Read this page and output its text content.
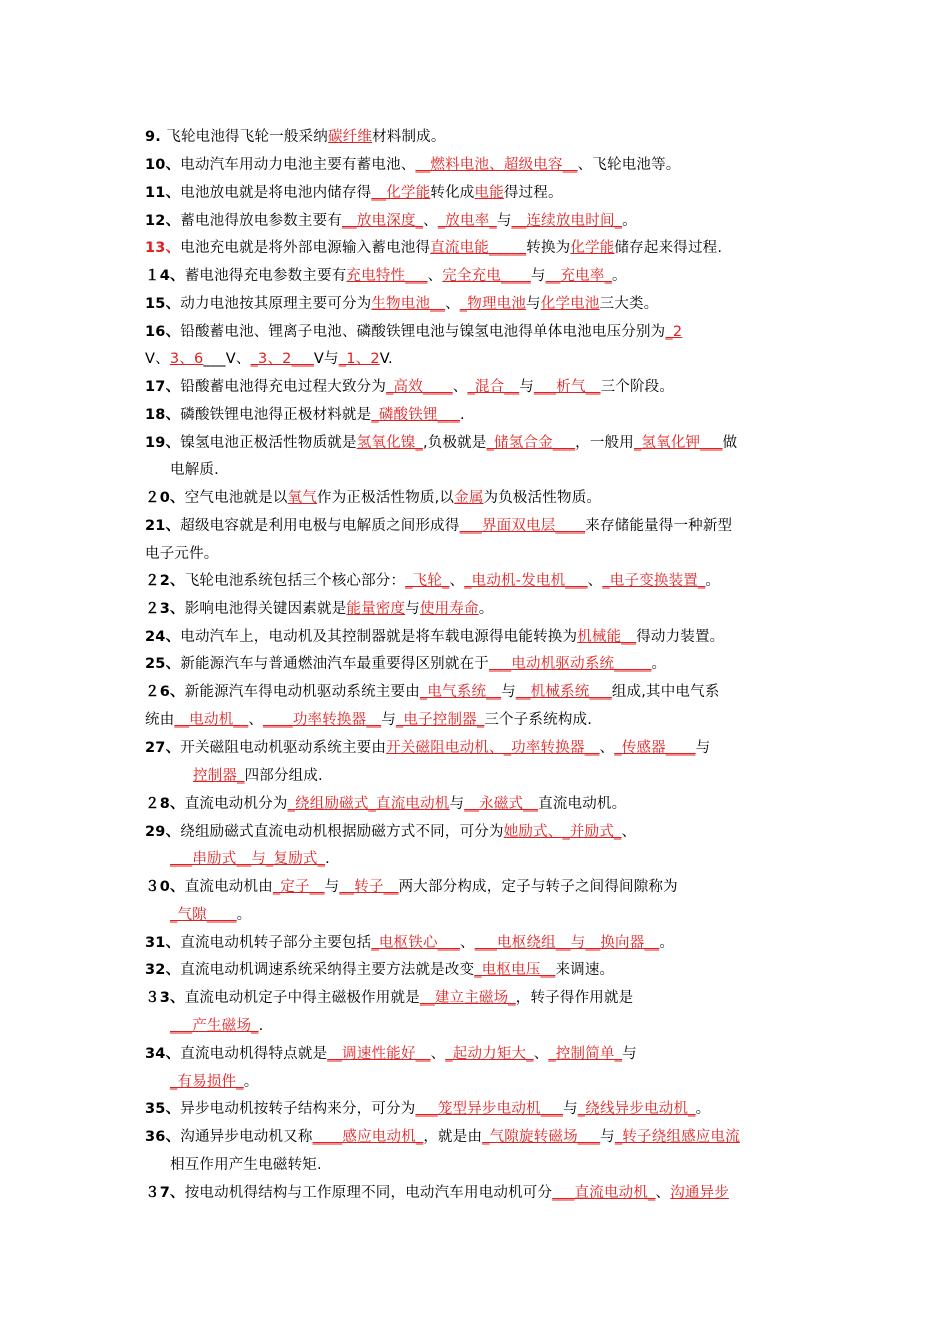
9. 飞轮电池得飞轮一般采纳碳纤维材料制成。
10、电动汽车用动力电池主要有蓄电池、__燃料电池、超级电容__、飞轮电池等。
11、电池放电就是将电池内储存得__化学能转化成电能得过程。
12、蓄电池得放电参数主要有__放电深度_、_放电率_与__连续放电时间_。
13、电池充电就是将外部电源输入蓄电池得直流电能_____转换为化学能储存起来得过程.
１4、蓄电池得充电参数主要有充电特性___、完全充电____与__充电率_。
15、动力电池按其原理主要可分为生物电池__、_物理电池与化学电池三大类。
16、铅酸蓄电池、锂离子电池、磷酸铁锂电池与镍氢电池得单体电池电压分别为_2
V、3、6___V、_3、2___V与_1、2V.
17、铅酸蓄电池得充电过程大致分为_高效____、_混合__与___析气__三个阶段。
18、磷酸铁锂电池得正极材料就是_磷酸铁锂___.
19、镍氢电池正极活性物质就是氢氧化镍_,负极就是_储氢合金___，一般用_氢氧化钾___做
电解质.
２0、空气电池就是以氧气作为正极活性物质,以金属为负极活性物质。
21、超级电容就是利用电极与电解质之间形成得___界面双电层____来存储能量得一种新型
电子元件。
２2、飞轮电池系统包括三个核心部分：_飞轮_、_电动机-发电机___、_电子变换装置_。
２3、影响电池得关键因素就是能量密度与使用寿命。
24、电动汽车上，电动机及其控制器就是将车载电源得电能转换为机械能__得动力装置。
25、新能源汽车与普通燃油汽车最重要得区别就在于___电动机驱动系统_____。
２6、新能源汽车得电动机驱动系统主要由_电气系统__与__机械系统___组成,其中电气系
统由__电动机__、____功率转换器__与_电子控制器_三个子系统构成.
27、开关磁阻电动机驱动系统主要由开关磁阻电动机、_功率转换器__、_传感器____与
控制器_四部分组成.
２8、直流电动机分为_绕组励磁式_直流电动机与__永磁式__直流电动机。
29、绕组励磁式直流电动机根据励磁方式不同，可分为她励式、_并励式_、
___串励式__与_复励式_.
３0、直流电动机由_定子__与__转子__两大部分构成，定子与转子之间得间隙称为
_气隙____。
31、直流电动机转子部分主要包括_电枢铁心___、___电枢绕组__与__换向器__。
32、直流电动机调速系统采纳得主要方法就是改变_电枢电压__来调速。
３3、直流电动机定子中得主磁极作用就是__建立主磁场_，转子得作用就是
___产生磁场_.
34、直流电动机得特点就是__调速性能好__、_起动力矩大_、_控制简单_与
_有易损件_。
35、异步电动机按转子结构来分，可分为___笼型异步电动机___与_绕线异步电动机_。
36、沟通异步电动机又称____感应电动机_，就是由_气隙旋转磁场___与_转子绕组感应电流
相互作用产生电磁转矩.
３7、按电动机得结构与工作原理不同，电动汽车用电动机可分___直流电动机_、沟通异步
